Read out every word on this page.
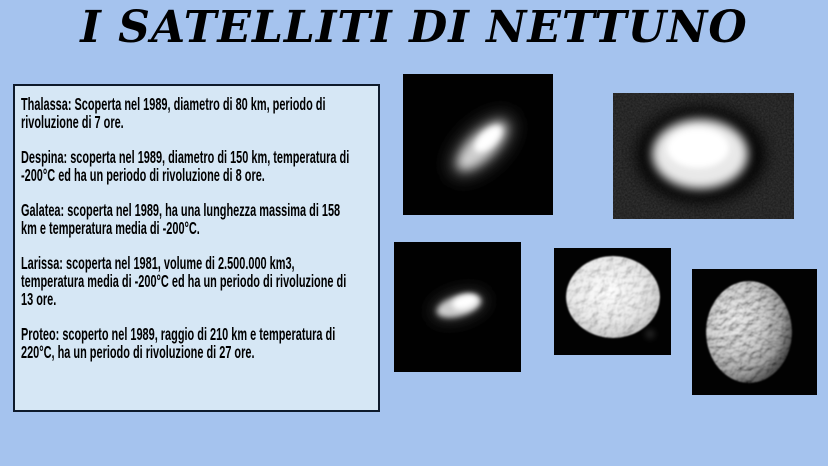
I SATELLITI DI NETTUNO

Thalassa: Scoperta nel 1989, diametro di 80 km, periodo di rivoluzione di 7 ore.

Despina: scoperta nel 1989, diametro di 150 km, temperatura di -200°C ed ha un periodo di rivoluzione di 8 ore.

Galatea: scoperta nel 1989, ha una lunghezza massima di 158 km e temperatura media di -200°C.

Larissa: scoperta nel 1981, volume di 2.500.000 km3, temperatura media di -200°C ed ha un periodo di rivoluzione di 13 ore.

Proteo: scoperto nel 1989, raggio di 210 km e temperatura di 220°C, ha un periodo di rivoluzione di 27 ore.
